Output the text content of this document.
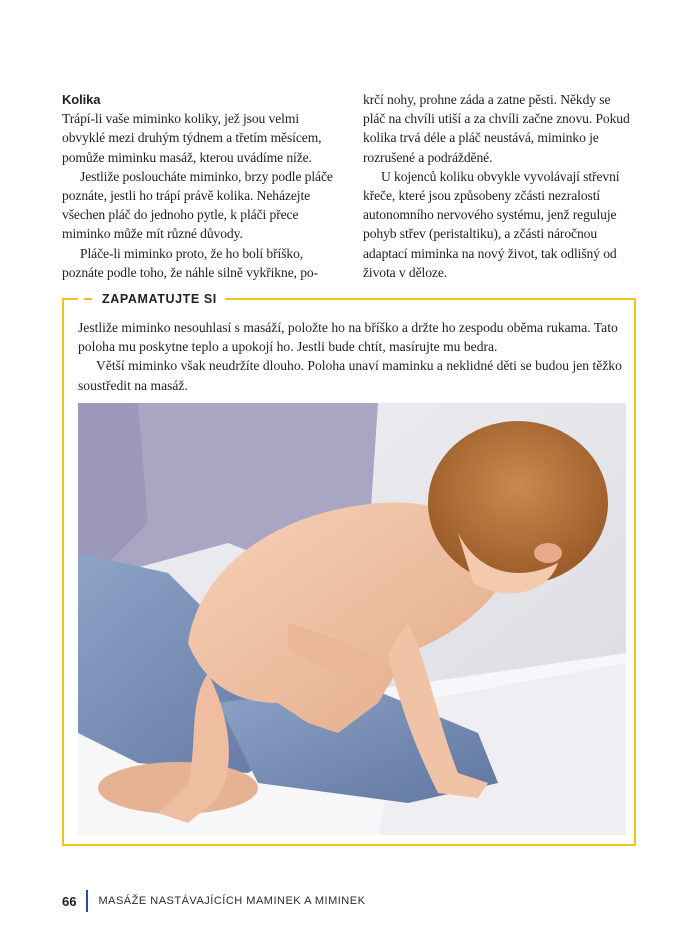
Kolika

Trápí-li vaše miminko koliky, jež jsou velmi obvyklé mezi druhým týdnem a třetím měsícem, pomůže miminku masáž, kterou uvádíme níže.

Jestliže posloucháte miminko, brzy podle pláče poznáte, jestli ho trápí právě kolika. Neházejte všechen pláč do jednoho pytle, k pláči přece miminko může mít různé důvody.

Pláče-li miminko proto, že ho bolí bříško, poznáte podle toho, že náhle silně vykřikne, po-

krčí nohy, prohne záda a zatne pěsti. Někdy se pláč na chvíli utiší a za chvíli začne znovu. Pokud kolika trvá déle a pláč neustává, miminko je rozrušené a podrážděné.

U kojenců koliku obvykle vyvolávají střevní křeče, které jsou způsobeny zčásti nezralostí autonomního nervového systému, jenž reguluje pohyb střev (peristaltiku), a zčásti náročnou adaptací miminka na nový život, tak odlišný od života v děloze.

ZAPAMATUJTE SI

Jestliže miminko nesouhlasí s masáží, položte ho na bříško a držte ho zespodu oběma rukama. Tato poloha mu poskytne teplo a upokojí ho. Jestli bude chtít, masírujte mu bedra.

Větší miminko však neudržíte dlouho. Poloha unaví maminku a neklidné děti se budou jen těžko soustředit na masáž.

66	MASÁŽE NASTÁVAJÍCÍCH MAMINEK A MIMINEK
